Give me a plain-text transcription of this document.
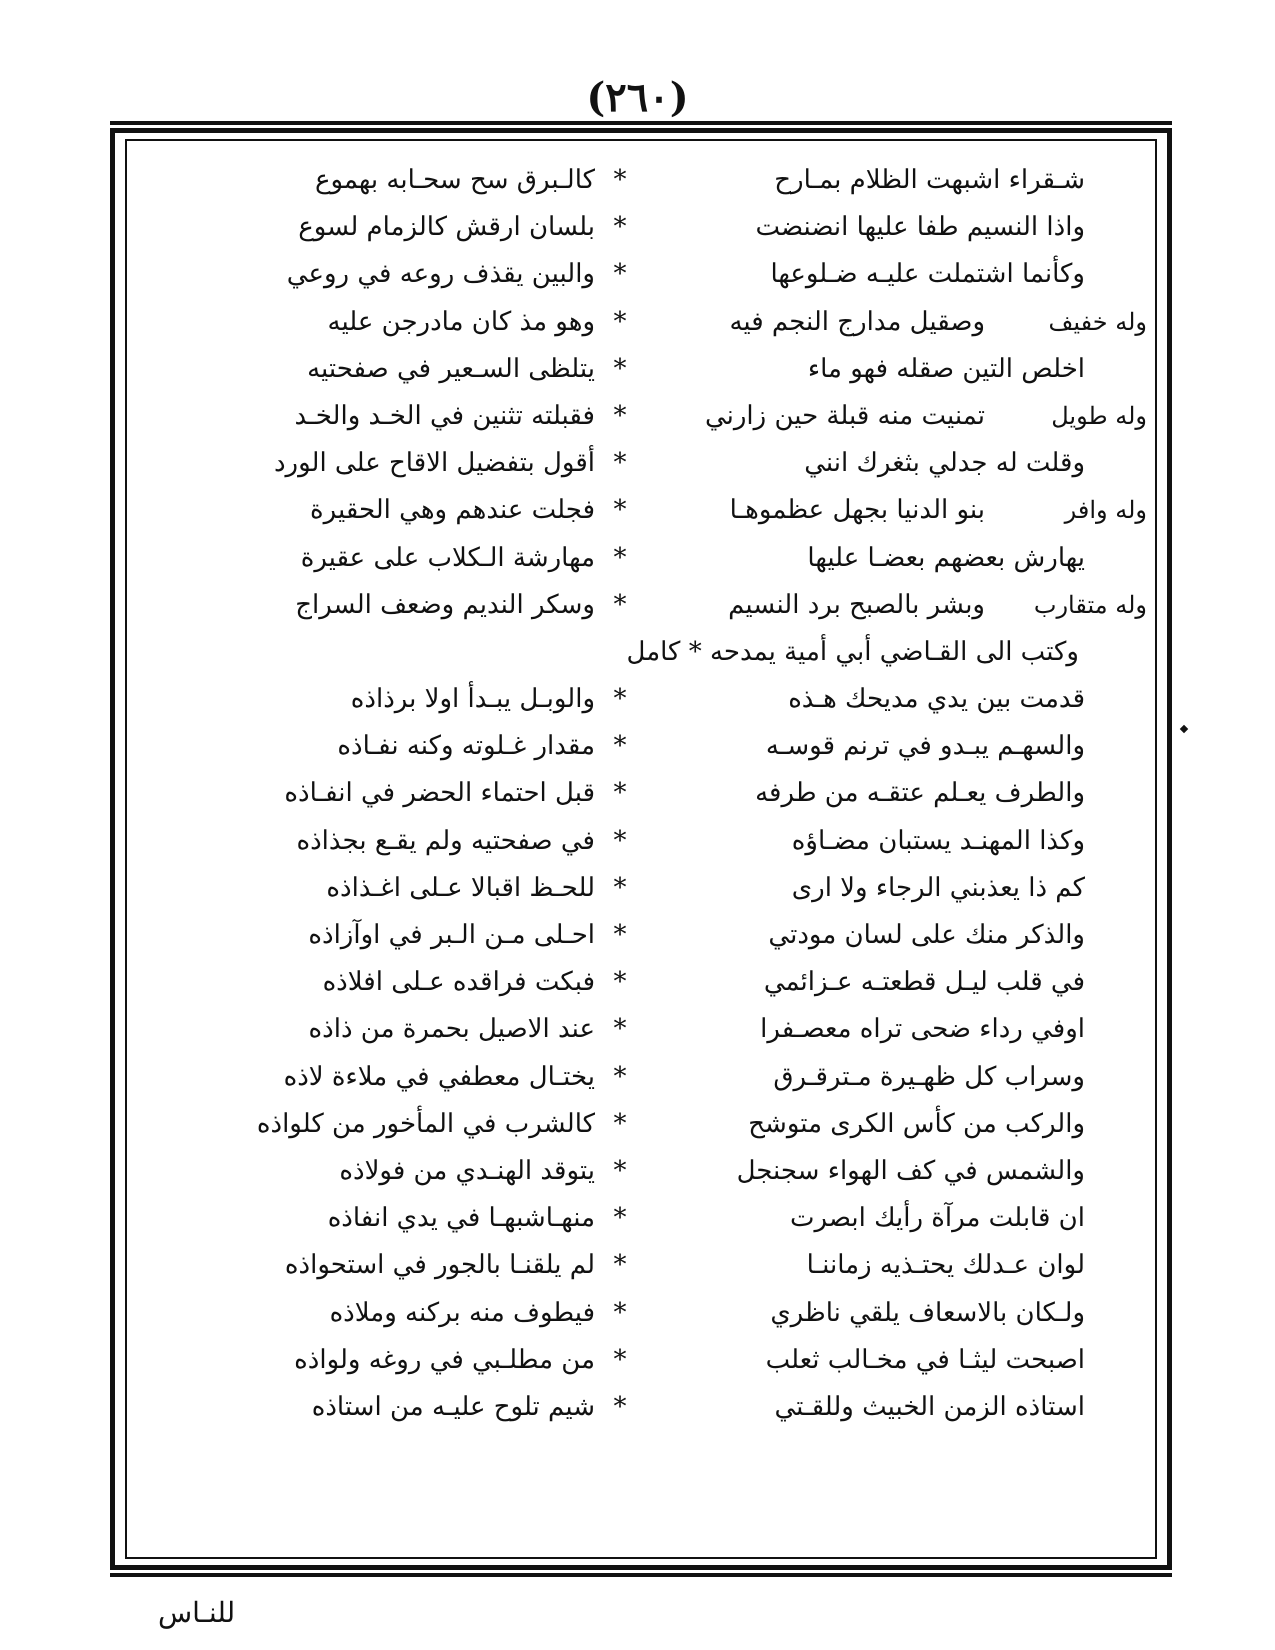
(٢٦٠)
شـقراء اشبهت الظلام بمـارح
*
كالـبرق سح سحـابه بهموع
واذا النسيم طفا عليها انضنضت
*
بلسان ارقش كالزمام لسوع
وكأنما اشتملت عليـه ضـلوعها
*
والبين يقذف روعه في روعي
وله خفيف
وصقيل مدارج النجم فيه
*
وهو مذ كان مادرجن عليه
اخلص التين صقله فهو ماء
*
يتلظى السـعير في صفحتيه
وله طويل
تمنيت منه قبلة حين زارني
*
فقبلته تثنين في الخـد والخـد
وقلت له جدلي بثغرك انني
*
أقول بتفضيل الاقاح على الورد
وله وافر
بنو الدنيا بجهل عظموهـا
*
فجلت عندهم وهي الحقيرة
يهارش بعضهم بعضـا عليها
*
مهارشة الـكلاب على عقيرة
وله متقارب
وبشر بالصبح برد النسيم
*
وسكر النديم وضعف السراج
وكتب الى القـاضي أبي أمية يمدحه * كامل
قدمت بين يدي مديحك هـذه
*
والوبـل يبـدأ اولا برذاذه
والسهـم يبـدو في ترنم قوسـه
*
مقدار غـلوته وكنه نفـاذه
والطرف يعـلم عتقـه من طرفه
*
قبل احتماء الحضر في انفـاذه
وكذا المهنـد يستبان مضـاؤه
*
في صفحتيه ولم يقـع بجذاذه
كم ذا يعذبني الرجاء ولا ارى
*
للحـظ اقبالا عـلى اغـذاذه
والذكر منك على لسان مودتي
*
احـلى مـن الـبر في اوآزاذه
في قلب ليـل قطعتـه عـزائمي
*
فبكت فراقده عـلى افلاذه
اوفي رداء ضحى تراه معصـفرا
*
عند الاصيل بحمرة من ذاذه
وسراب كل ظهـيرة مـترقـرق
*
يختـال معطفي في ملاءة لاذه
والركب من كأس الكرى متوشح
*
كالشرب في المأخور من كلواذه
والشمس في كف الهواء سجنجل
*
يتوقد الهنـدي من فولاذه
ان قابلت مرآة رأيك ابصرت
*
منهـاشبهـا في يدي انفاذه
لوان عـدلك يحتـذيه زماننـا
*
لم يلقنـا بالجور في استحواذه
ولـكان بالاسعاف يلقي ناظري
*
فيطوف منه بركنه وملاذه
اصبحت ليثـا في مخـالب ثعلب
*
من مطلـبي في روغه ولواذه
استاذه الزمن الخبيث وللقـتي
*
شيم تلوح عليـه من استاذه
للنـاس
